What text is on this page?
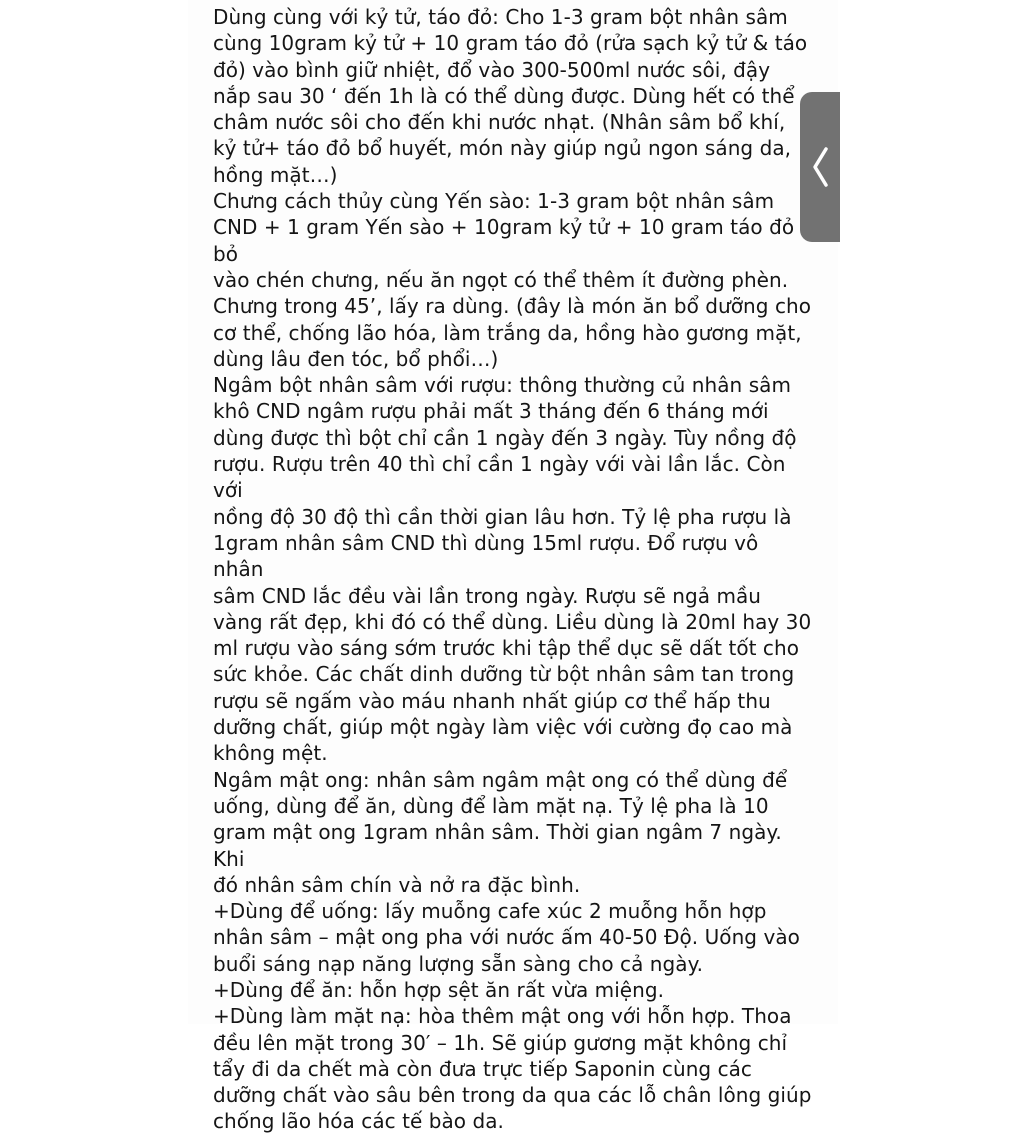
Dùng cùng với kỷ tử, táo đỏ: Cho 1-3 gram bột nhân sâm
cùng 10gram kỷ tử + 10 gram táo đỏ (rửa sạch kỷ tử & táo
đỏ) vào bình giữ nhiệt, đổ vào 300-500ml nước sôi, đậy
nắp sau 30 ‘ đến 1h là có thể dùng được. Dùng hết có thể
châm nước sôi cho đến khi nước nhạt. (Nhân sâm bổ khí,
kỷ tử+ táo đỏ bổ huyết, món này giúp ngủ ngon sáng da,
hồng mặt…)
Chưng cách thủy cùng Yến sào: 1-3 gram bột nhân sâm
CND + 1 gram Yến sào + 10gram kỷ tử + 10 gram táo đỏ bỏ
vào chén chưng, nếu ăn ngọt có thể thêm ít đường phèn.
Chưng trong 45’, lấy ra dùng. (đây là món ăn bổ dưỡng cho
cơ thể, chống lão hóa, làm trắng da, hồng hào gương mặt,
dùng lâu đen tóc, bổ phổi…)
Ngâm bột nhân sâm với rượu: thông thường củ nhân sâm
khô CND ngâm rượu phải mất 3 tháng đến 6 tháng mới
dùng được thì bột chỉ cần 1 ngày đến 3 ngày. Tùy nồng độ
rượu. Rượu trên 40 thì chỉ cần 1 ngày với vài lần lắc. Còn với
nồng độ 30 độ thì cần thời gian lâu hơn. Tỷ lệ pha rượu là
1gram nhân sâm CND thì dùng 15ml rượu. Đổ rượu vô nhân
sâm CND lắc đều vài lần trong ngày. Rượu sẽ ngả mầu
vàng rất đẹp, khi đó có thể dùng. Liều dùng là 20ml hay 30
ml rượu vào sáng sớm trước khi tập thể dục sẽ dất tốt cho
sức khỏe. Các chất dinh dưỡng từ bột nhân sâm tan trong
rượu sẽ ngấm vào máu nhanh nhất giúp cơ thể hấp thu
dưỡng chất, giúp một ngày làm việc với cường đọ cao mà
không mệt.
Ngâm mật ong: nhân sâm ngâm mật ong có thể dùng để
uống, dùng để ăn, dùng để làm mặt nạ. Tỷ lệ pha là 10
gram mật ong 1gram nhân sâm. Thời gian ngâm 7 ngày. Khi
đó nhân sâm chín và nở ra đặc bình.
+Dùng để uống: lấy muỗng cafe xúc 2 muỗng hỗn hợp
nhân sâm – mật ong pha với nước ấm 40-50 Độ. Uống vào
buổi sáng nạp năng lượng sẵn sàng cho cả ngày.
+Dùng để ăn: hỗn hợp sệt ăn rất vừa miệng.
+Dùng làm mặt nạ: hòa thêm mật ong với hỗn hợp. Thoa
đều lên mặt trong 30′ – 1h. Sẽ giúp gương mặt không chỉ
tẩy đi da chết mà còn đưa trực tiếp Saponin cùng các
dưỡng chất vào sâu bên trong da qua các lỗ chân lông giúp
chống lão hóa các tế bào da.
